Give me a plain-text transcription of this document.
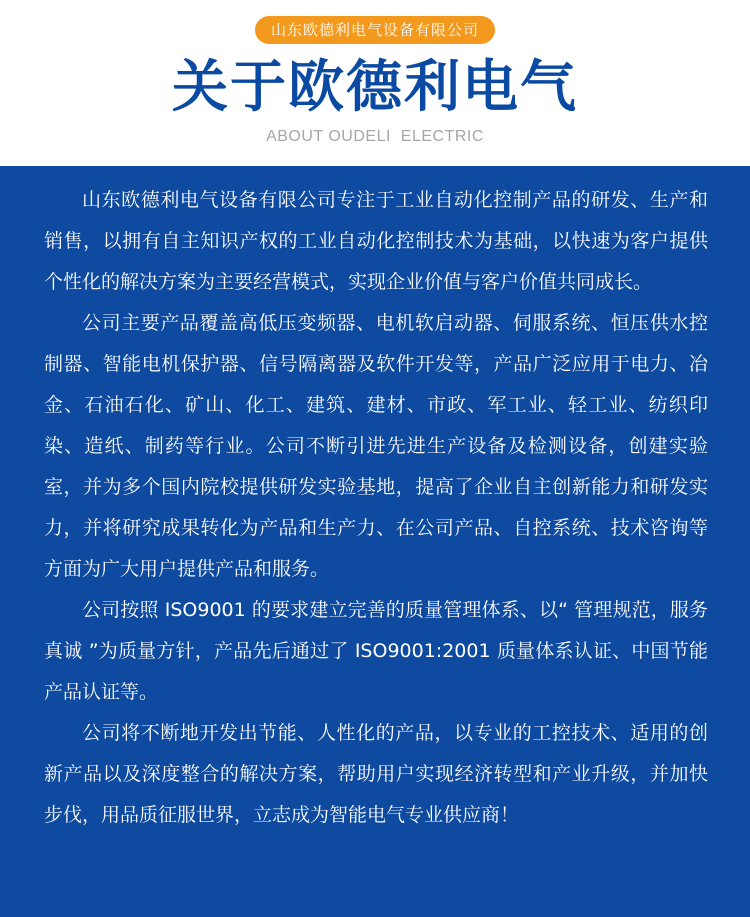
山东欧德利电气设备有限公司
关于欧德利电气
ABOUT OUDELI  ELECTRIC

山东欧德利电气设备有限公司专注于工业自动化控制产品的研发、生产和销售，以拥有自主知识产权的工业自动化控制技术为基础，以快速为客户提供个性化的解决方案为主要经营模式，实现企业价值与客户价值共同成长。

公司主要产品覆盖高低压变频器、电机软启动器、伺服系统、恒压供水控制器、智能电机保护器、信号隔离器及软件开发等，产品广泛应用于电力、冶金、石油石化、矿山、化工、建筑、建材、市政、军工业、轻工业、纺织印染、造纸、制药等行业。公司不断引进先进生产设备及检测设备，创建实验室，并为多个国内院校提供研发实验基地，提高了企业自主创新能力和研发实力，并将研究成果转化为产品和生产力、在公司产品、自控系统、技术咨询等方面为广大用户提供产品和服务。

公司按照 ISO9001 的要求建立完善的质量管理体系、以“ 管理规范，服务真诚 ”为质量方针，产品先后通过了 ISO9001:2001 质量体系认证、中国节能产品认证等。

公司将不断地开发出节能、人性化的产品，以专业的工控技术、适用的创新产品以及深度整合的解决方案，帮助用户实现经济转型和产业升级，并加快步伐，用品质征服世界，立志成为智能电气专业供应商！
